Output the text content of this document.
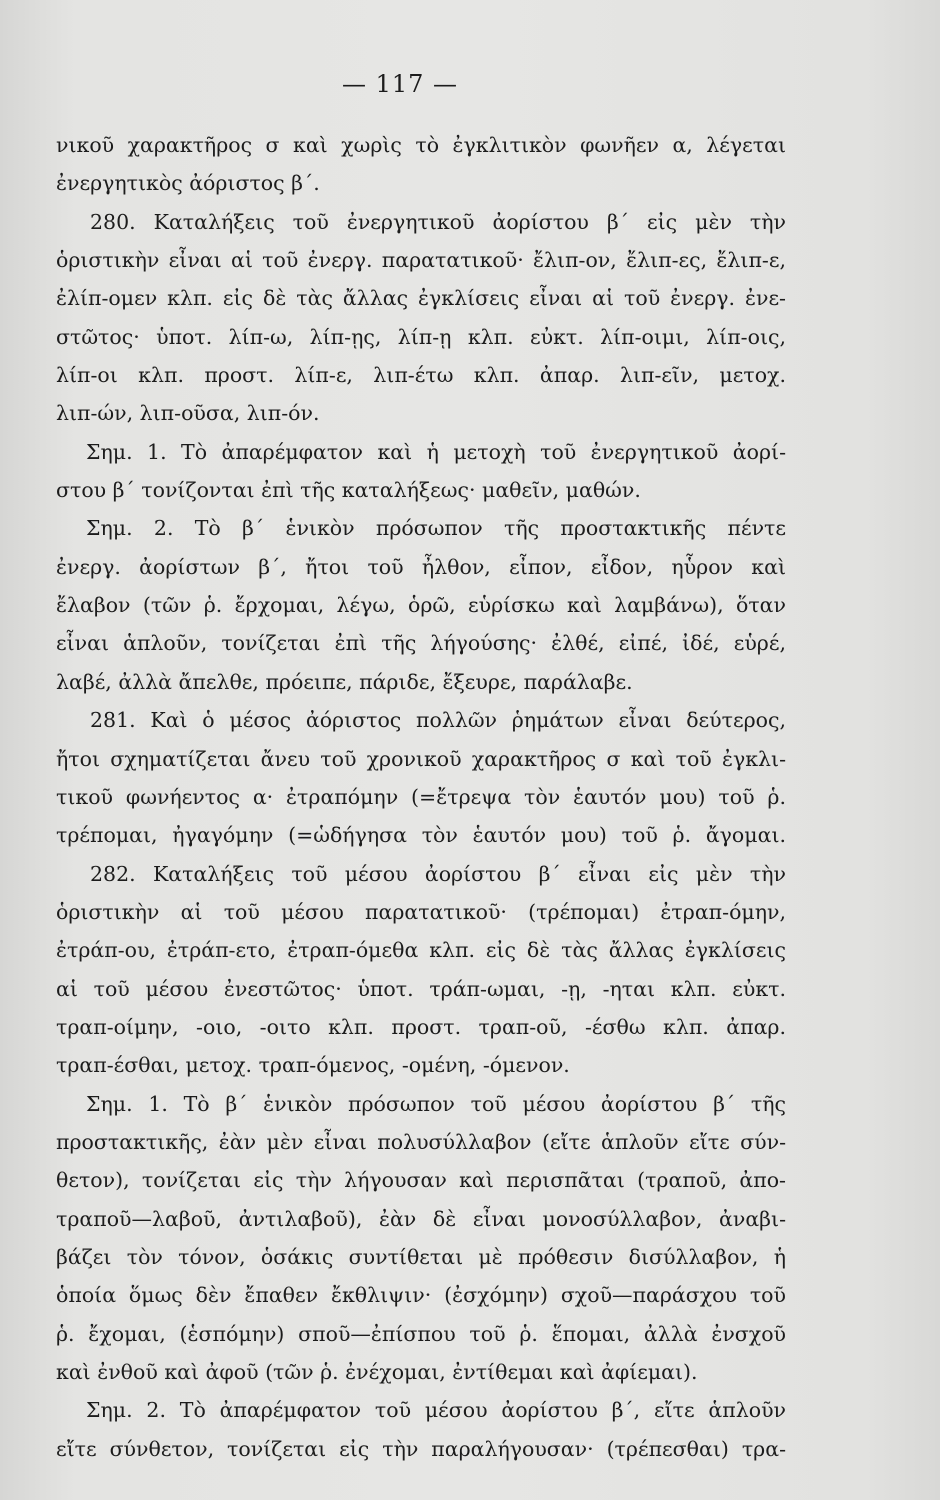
— 117 —
νικοῦ χαρακτῆρος σ καὶ χωρὶς τὸ ἐγκλιτικὸν φωνῆεν α, λέγεται
ἐνεργητικὸς ἀόριστος β΄.
280. Καταλήξεις τοῦ ἐνεργητικοῦ ἀορίστου β΄ εἰς μὲν τὴν
ὁριστικὴν εἶναι αἱ τοῦ ἐνεργ. παρατατικοῦ· ἔλιπ-ον, ἔλιπ-ες, ἔλιπ-ε,
ἐλίπ-ομεν κλπ. εἰς δὲ τὰς ἄλλας ἐγκλίσεις εἶναι αἱ τοῦ ἐνεργ. ἐνε-
στῶτος· ὑποτ. λίπ-ω, λίπ-ῃς, λίπ-ῃ κλπ. εὐκτ. λίπ-οιμι, λίπ-οις,
λίπ-οι κλπ. προστ. λίπ-ε, λιπ-έτω κλπ. ἀπαρ. λιπ-εῖν, μετοχ.
λιπ-ών, λιπ-οῦσα, λιπ-όν.
Σημ. 1. Τὸ ἀπαρέμφατον καὶ ἡ μετοχὴ τοῦ ἐνεργητικοῦ ἀορί-
στου β΄ τονίζονται ἐπὶ τῆς καταλήξεως· μαθεῖν, μαθών.
Σημ. 2. Τὸ β΄ ἑνικὸν πρόσωπον τῆς προστακτικῆς πέντε
ἐνεργ. ἀορίστων β΄, ἤτοι τοῦ ἦλθον, εἶπον, εἶδον, ηὗρον καὶ
ἔλαβον (τῶν ῥ. ἔρχομαι, λέγω, ὁρῶ, εὑρίσκω καὶ λαμβάνω), ὅταν
εἶναι ἁπλοῦν, τονίζεται ἐπὶ τῆς λήγούσης· ἐλθέ, εἰπέ, ἰδέ, εὑρέ,
λαβέ, ἀλλὰ ἄπελθε, πρόειπε, πάριδε, ἔξευρε, παράλαβε.
281. Καὶ ὁ μέσος ἀόριστος πολλῶν ῥημάτων εἶναι δεύτερος,
ἤτοι σχηματίζεται ἄνευ τοῦ χρονικοῦ χαρακτῆρος σ καὶ τοῦ ἐγκλι-
τικοῦ φωνήεντος α· ἐτραπόμην (=ἔτρεψα τὸν ἑαυτόν μου) τοῦ ῥ.
τρέπομαι, ἠγαγόμην (=ὡδήγησα τὸν ἑαυτόν μου) τοῦ ῥ. ἄγομαι.
282. Καταλήξεις τοῦ μέσου ἀορίστου β΄ εἶναι εἰς μὲν τὴν
ὁριστικὴν αἱ τοῦ μέσου παρατατικοῦ· (τρέπομαι) ἐτραπ-όμην,
ἐτράπ-ου, ἐτράπ-ετο, ἐτραπ-όμεθα κλπ. εἰς δὲ τὰς ἄλλας ἐγκλίσεις
αἱ τοῦ μέσου ἐνεστῶτος· ὑποτ. τράπ-ωμαι, -ῃ, -ηται κλπ. εὐκτ.
τραπ-οίμην, -οιο, -οιτο κλπ. προστ. τραπ-οῦ, -έσθω κλπ. ἀπαρ.
τραπ-έσθαι, μετοχ. τραπ-όμενος, -ομένη, -όμενον.
Σημ. 1. Τὸ β΄ ἑνικὸν πρόσωπον τοῦ μέσου ἀορίστου β΄ τῆς
προστακτικῆς, ἐὰν μὲν εἶναι πολυσύλλαβον (εἴτε ἁπλοῦν εἴτε σύν-
θετον), τονίζεται εἰς τὴν λήγουσαν καὶ περισπᾶται (τραποῦ, ἀπο-
τραποῦ—λαβοῦ, ἀντιλαβοῦ), ἐὰν δὲ εἶναι μονοσύλλαβον, ἀναβι-
βάζει τὸν τόνον, ὁσάκις συντίθεται μὲ πρόθεσιν δισύλλαβον, ἡ
ὁποία ὅμως δὲν ἔπαθεν ἔκθλιψιν· (ἐσχόμην) σχοῦ—παράσχου τοῦ
ῥ. ἔχομαι, (ἑσπόμην) σποῦ—ἐπίσπου τοῦ ῥ. ἕπομαι, ἀλλὰ ἐνσχοῦ
καὶ ἐνθοῦ καὶ ἀφοῦ (τῶν ῥ. ἐνέχομαι, ἐντίθεμαι καὶ ἀφίεμαι).
Σημ. 2. Τὸ ἀπαρέμφατον τοῦ μέσου ἀορίστου β΄, εἴτε ἁπλοῦν
εἴτε σύνθετον, τονίζεται εἰς τὴν παραλήγουσαν· (τρέπεσθαι) τρα-
